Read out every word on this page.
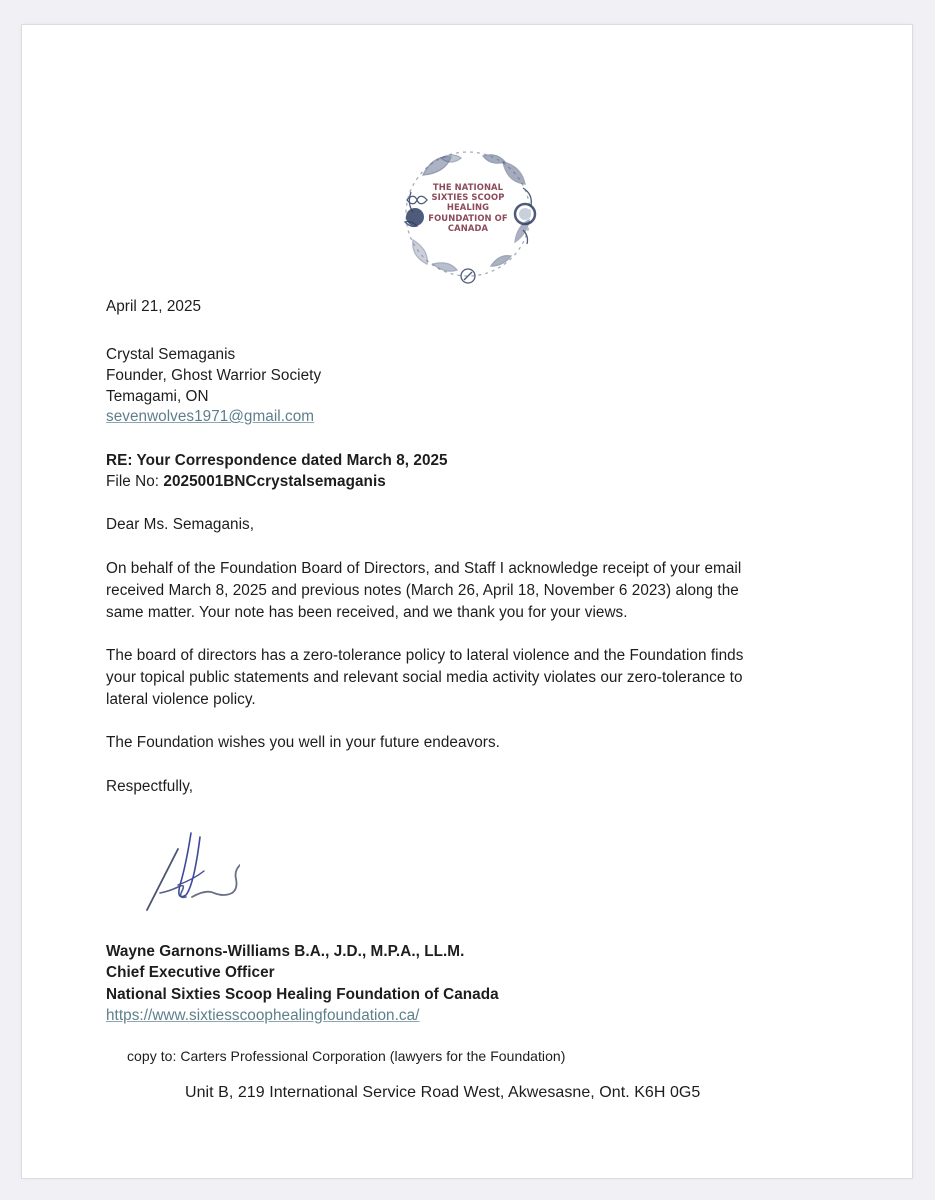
THE NATIONAL
SIXTIES SCOOP
HEALING
FOUNDATION OF
CANADA
April 21, 2025
Crystal Semaganis
Founder, Ghost Warrior Society
Temagami, ON
sevenwolves1971@gmail.com
RE: Your Correspondence dated March 8, 2025
File No: 2025001BNCcrystalsemaganis
Dear Ms. Semaganis,
On behalf of the Foundation Board of Directors, and Staff I acknowledge receipt of your email
received March 8, 2025 and previous notes (March 26, April 18, November 6 2023) along the
same matter. Your note has been received, and we thank you for your views.
The board of directors has a zero-tolerance policy to lateral violence and the Foundation finds
your topical public statements and relevant social media activity violates our zero-tolerance to
lateral violence policy.
The Foundation wishes you well in your future endeavors.
Respectfully,
Wayne Garnons-Williams B.A., J.D., M.P.A., LL.M.
Chief Executive Officer
National Sixties Scoop Healing Foundation of Canada
https://www.sixtiesscoophealingfoundation.ca/
copy to: Carters Professional Corporation (lawyers for the Foundation)
Unit B, 219 International Service Road West, Akwesasne, Ont. K6H 0G5
